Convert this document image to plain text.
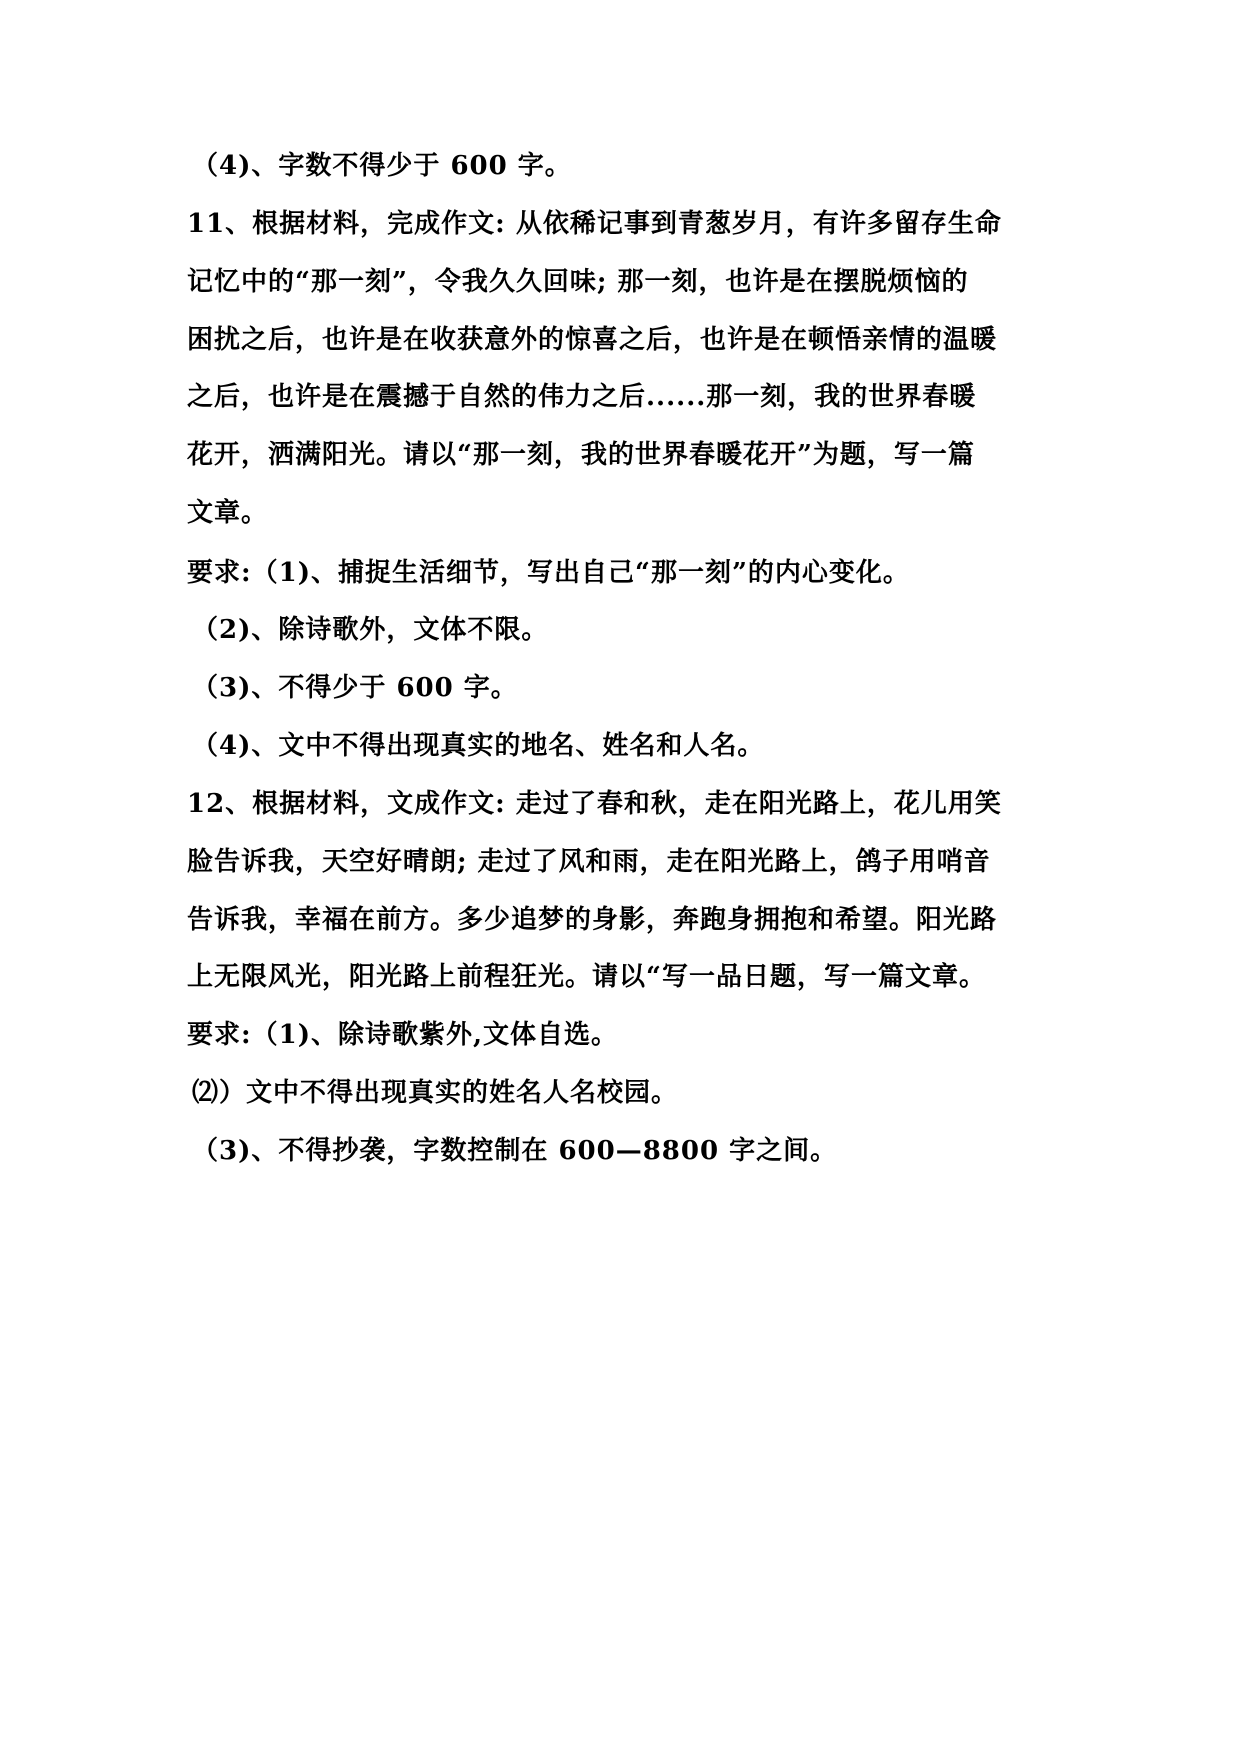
（4)、字数不得少于 600 字。
11、根据材料，完成作文: 从依稀记事到青葱岁月，有许多留存生命
记忆中的“那一刻”，令我久久回味; 那一刻，也许是在摆脱烦恼的
困扰之后，也许是在收获意外的惊喜之后，也许是在顿悟亲情的温暖
之后，也许是在震撼于自然的伟力之后......那一刻，我的世界春暖
花开，洒满阳光。请以“那一刻，我的世界春暖花开”为题，写一篇
文章。
要求:（1)、捕捉生活细节，写出自己“那一刻”的内心变化。
（2)、除诗歌外，文体不限。
（3)、不得少于 600 字。
（4)、文中不得出现真实的地名、姓名和人名。
12、根据材料，文成作文: 走过了春和秋，走在阳光路上，花儿用笑
脸告诉我，天空好晴朗; 走过了风和雨，走在阳光路上，鸽子用哨音
告诉我，幸福在前方。多少追梦的身影，奔跑身拥抱和希望。阳光路
上无限风光，阳光路上前程狂光。请以“写一品日题，写一篇文章。
要求:（1)、除诗歌紫外,文体自选。
⑵）文中不得出现真实的姓名人名校园。
（3)、不得抄袭，字数控制在 600—8800 字之间。
